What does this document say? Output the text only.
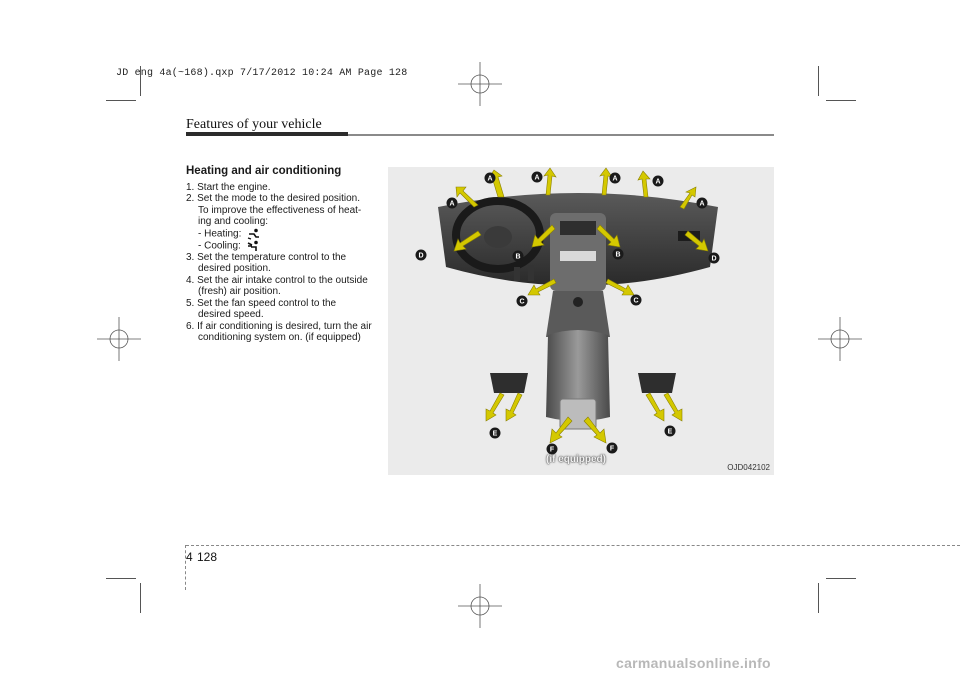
JD eng 4a(~168).qxp 7/17/2012 10:24 AM Page 128
Features of your vehicle
Heating and air conditioning
1. Start the engine.
2. Set the mode to the desired position.
To improve the effectiveness of heat-
ing and cooling:
- Heating:
- Cooling:
3. Set the temperature control to the
desired position.
4. Set the air intake control to the outside
(fresh) air position.
5. Set the fan speed control to the
desired speed.
6. If air conditioning is desired, turn the air
conditioning system on. (if equipped)
A
A
A	A	A
A
B	B
C	C
D	D
E	E
F	F
(if equipped)
OJD042102
4 128
carmanualsonline.info
